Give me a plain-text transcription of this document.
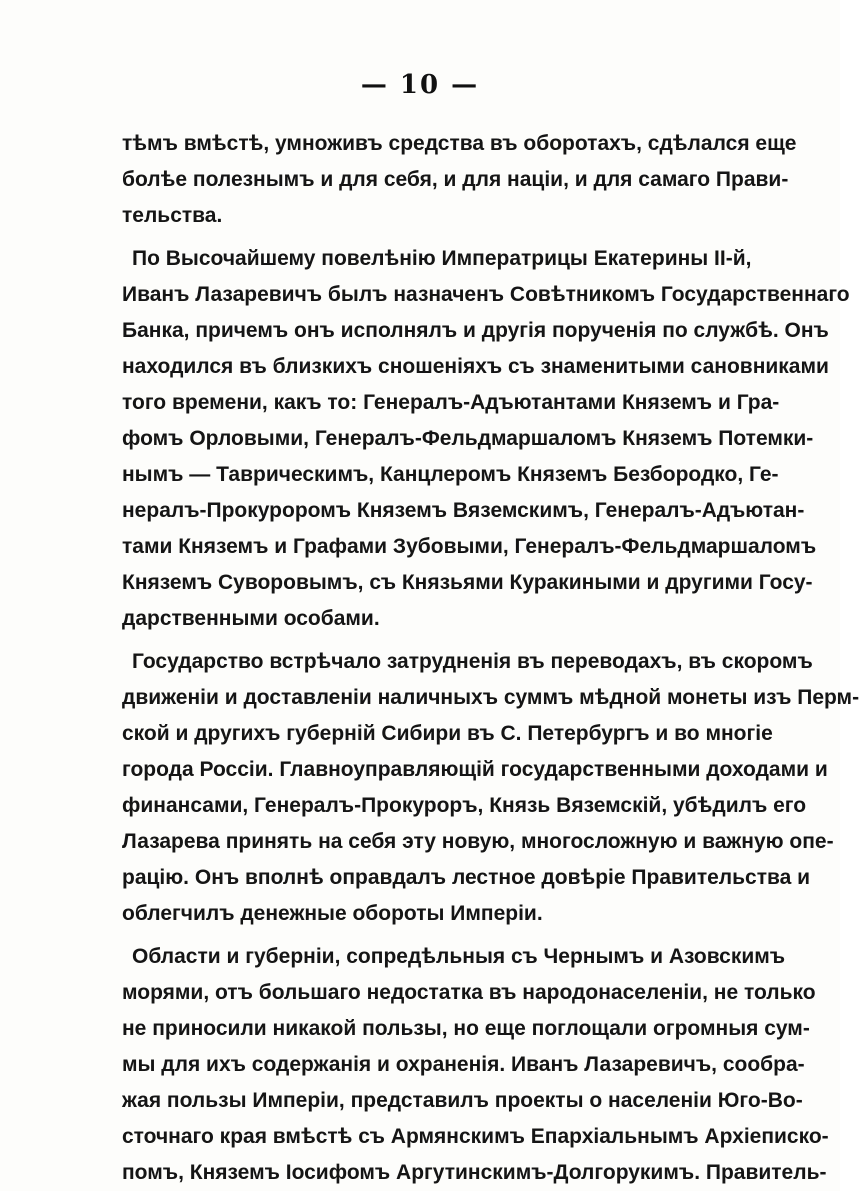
— 10 —
тѣмъ вмѣстѣ, умноживъ средства въ оборотахъ, сдѣлался еще
болѣе полезнымъ и для себя, и для націи, и для самаго Прави-
тельства.
По Высочайшему повелѣнію Императрицы Екатерины II-й,
Иванъ Лазаревичъ былъ назначенъ Совѣтникомъ Государственнаго
Банка, причемъ онъ исполнялъ и другія порученія по службѣ. Онъ
находился въ близкихъ сношеніяхъ съ знаменитыми сановниками
того времени, какъ то: Генералъ-Адъютантами Княземъ и Гра-
фомъ Орловыми, Генералъ-Фельдмаршаломъ Княземъ Потемки-
нымъ — Таврическимъ, Канцлеромъ Княземъ Безбородко, Ге-
нералъ-Прокуроромъ Княземъ Вяземскимъ, Генералъ-Адъютан-
тами Княземъ и Графами Зубовыми, Генералъ-Фельдмаршаломъ
Княземъ Суворовымъ, съ Князьями Куракиными и другими Госу-
дарственными особами.
Государство встрѣчало затрудненія въ переводахъ, въ скоромъ
движеніи и доставленіи наличныхъ суммъ мѣдной монеты изъ Перм-
ской и другихъ губерній Сибири въ С. Петербургъ и во многіе
города Россіи. Главноуправляющій государственными доходами и
финансами, Генералъ-Прокуроръ, Князь Вяземскій, убѣдилъ его
Лазарева принять на себя эту новую, многосложную и важную опе-
рацію. Онъ вполнѣ оправдалъ лестное довѣріе Правительства и
облегчилъ денежные обороты Имперіи.
Области и губерніи, сопредѣльныя съ Чернымъ и Азовскимъ
морями, отъ большаго недостатка въ народонаселеніи, не только
не приносили никакой пользы, но еще поглощали огромныя сум-
мы для ихъ содержанія и охраненія. Иванъ Лазаревичъ, сообра-
жая пользы Имперіи, представилъ проекты о населеніи Юго-Во-
сточнаго края вмѣстѣ съ Армянскимъ Епархіальнымъ Архіеписко-
помъ, Княземъ Іосифомъ Аргутинскимъ-Долгорукимъ. Правитель-
